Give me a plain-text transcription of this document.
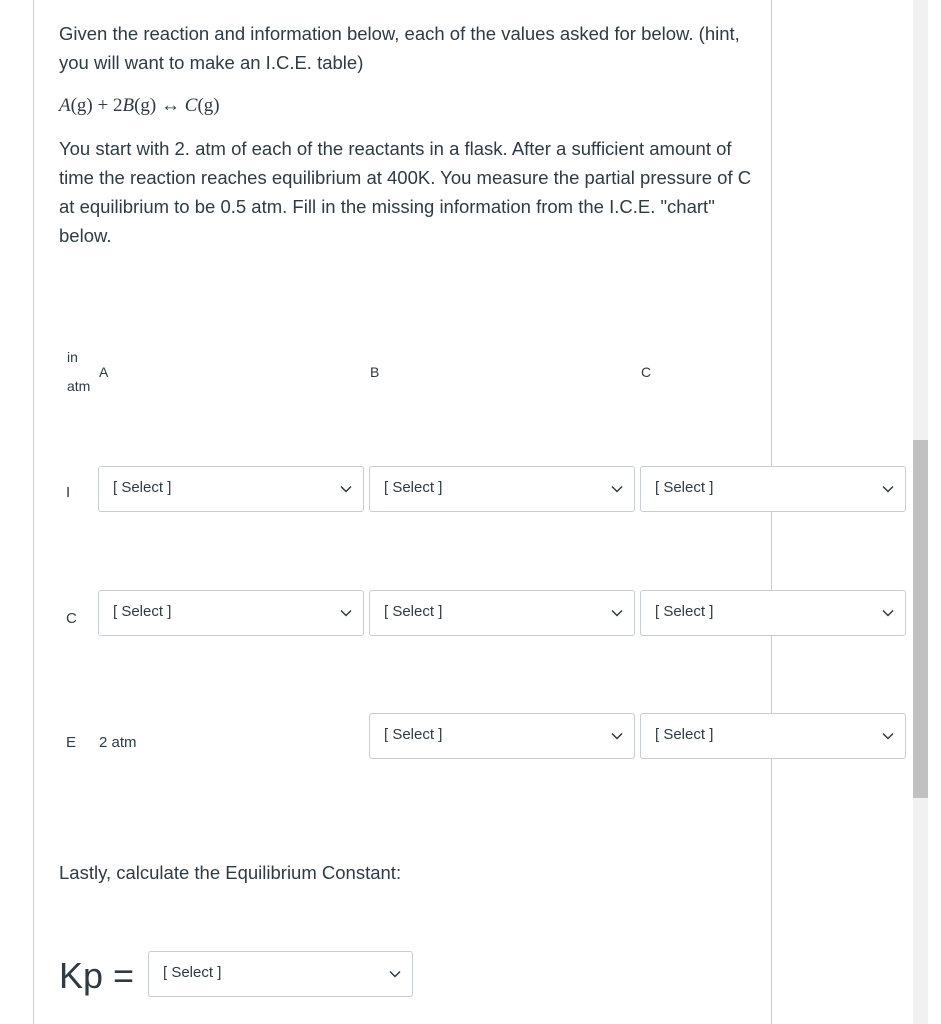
Given the reaction and information below, each of the values asked for below. (hint, you will want to make an I.C.E. table)
A(g) + 2B(g) ↔ C(g)
You start with 2. atm of each of the reactants in a flask. After a sufficient amount of time the reaction reaches equilibrium at 400K. You measure the partial pressure of C at equilibrium to be 0.5 atm. Fill in the missing information from the I.C.E. "chart" below.
in
atm
A	B	C
I	[ Select ]	[ Select ]	[ Select ]
C [ Select ]	[ Select ]	[ Select ]
E 2 atm	[ Select ]	[ Select ]
Lastly, calculate the Equilibrium Constant:
Kp = [ Select ]
